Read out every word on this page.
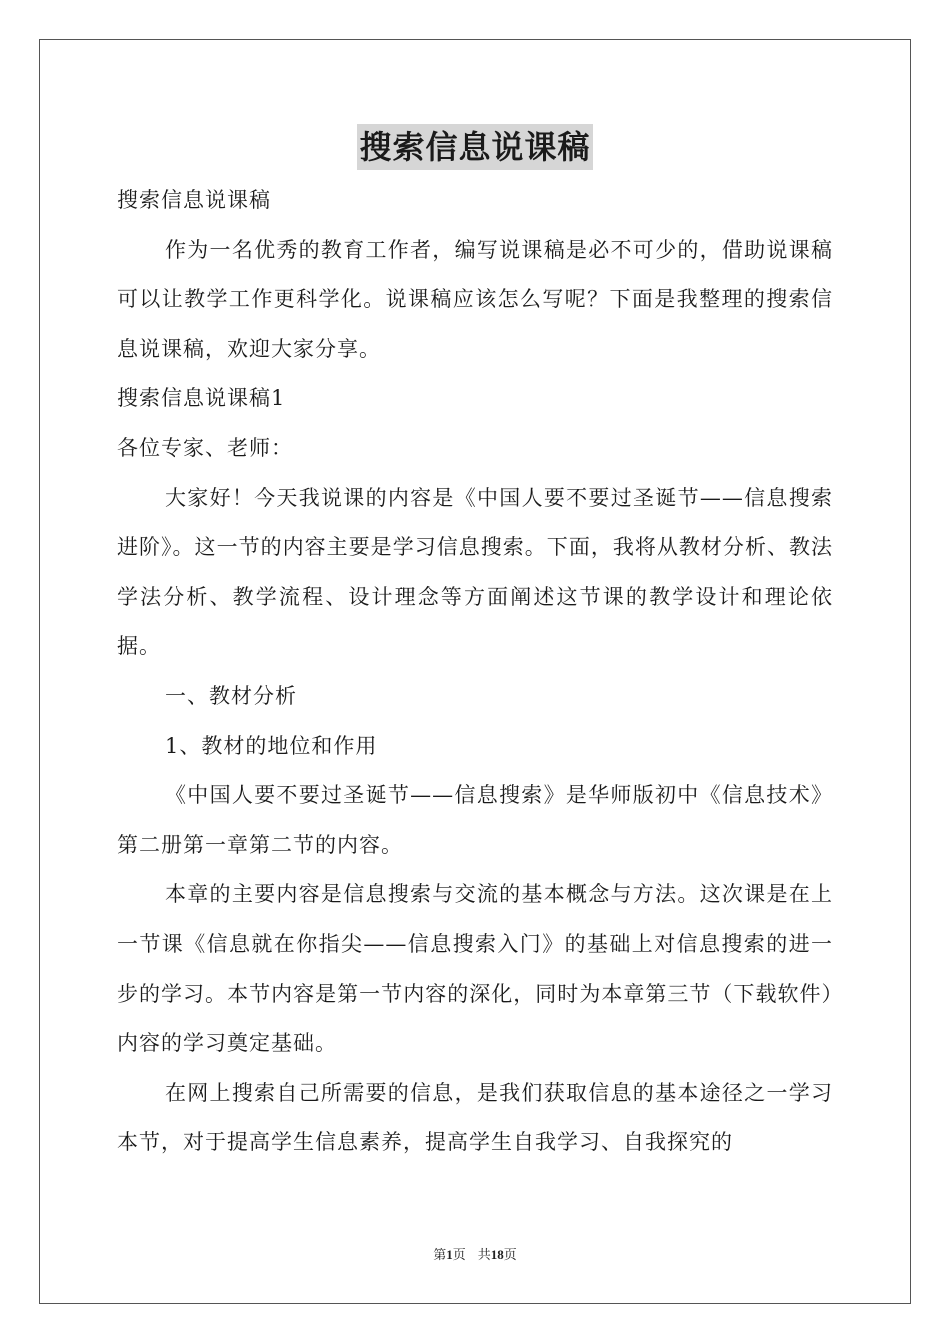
搜索信息说课稿

搜索信息说课稿

作为一名优秀的教育工作者，编写说课稿是必不可少的，借助说课稿可以让教学工作更科学化。说课稿应该怎么写呢？下面是我整理的搜索信息说课稿，欢迎大家分享。

搜索信息说课稿1

各位专家、老师：

大家好！今天我说课的内容是《中国人要不要过圣诞节——信息搜索进阶》。这一节的内容主要是学习信息搜索。下面，我将从教材分析、教法学法分析、教学流程、设计理念等方面阐述这节课的教学设计和理论依据。

一、教材分析

1、教材的地位和作用

《中国人要不要过圣诞节——信息搜索》是华师版初中《信息技术》第二册第一章第二节的内容。

本章的主要内容是信息搜索与交流的基本概念与方法。这次课是在上一节课《信息就在你指尖——信息搜索入门》的基础上对信息搜索的进一步的学习。本节内容是第一节内容的深化，同时为本章第三节（下载软件）内容的学习奠定基础。

在网上搜索自己所需要的信息，是我们获取信息的基本途径之一学习本节，对于提高学生信息素养，提高学生自我学习、自我探究的

第1页 共18页
